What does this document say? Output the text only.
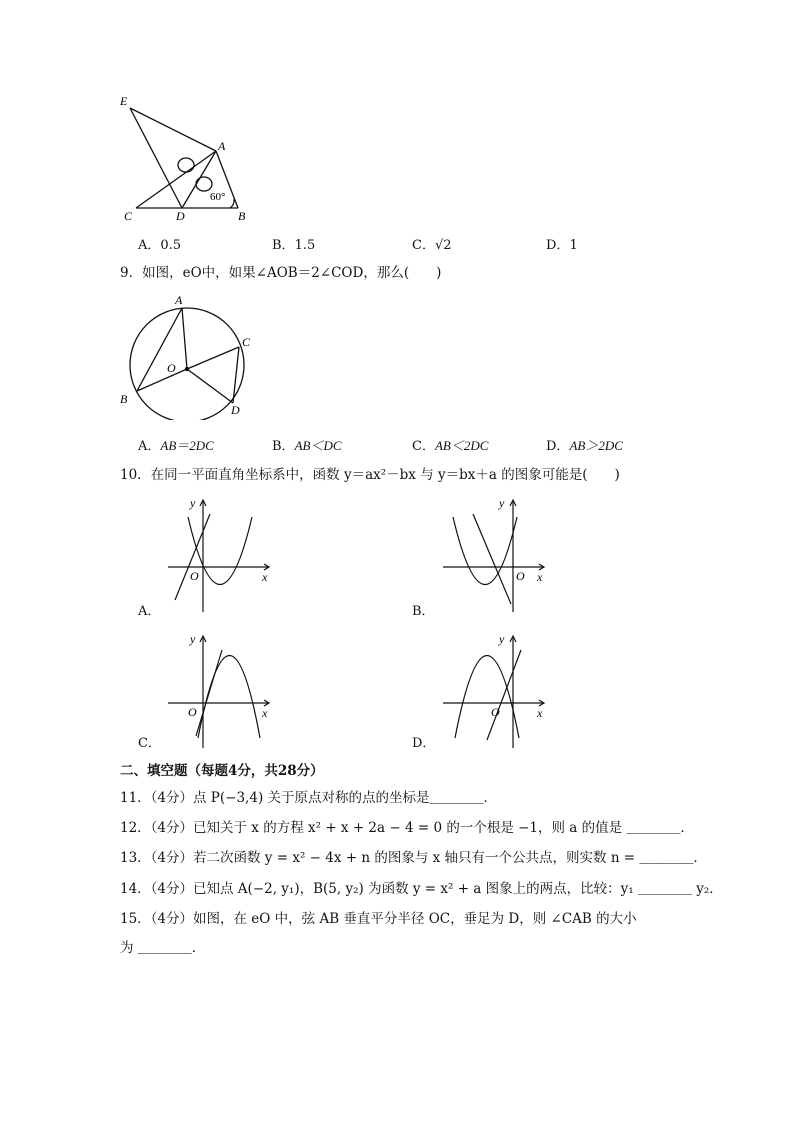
E
A
C	D	B
60°
A．0.5	B．1.5	C．√2	D．1
9．如图，eO中，如果∠AOB＝2∠COD，那么(　　)
A
B
C
D
O
A．AB＝2DC	B．AB＜DC	C．AB＜2DC	D．AB＞2DC
10．在同一平面直角坐标系中，函数 y＝ax²－bx 与 y＝bx＋a 的图象可能是(　　)
y
x
O
A．
y
x
O
B．
y
x
O
C．
y
x
O
D．
二、填空题（每题4分，共28分）
11．（4分）点 P(−3,4) 关于原点对称的点的坐标是＿＿＿＿．
12．（4分）已知关于 x 的方程 x² + x + 2a − 4 = 0 的一个根是 −1，则 a 的值是 ＿＿＿＿．
13．（4分）若二次函数 y = x² − 4x + n 的图象与 x 轴只有一个公共点，则实数 n = ＿＿＿＿．
14．（4分）已知点 A(−2, y₁)，B(5, y₂) 为函数 y = x² + a 图象上的两点，比较：y₁ ＿＿＿＿ y₂．
15．（4分）如图，在 eO 中，弦 AB 垂直平分半径 OC，垂足为 D，则 ∠CAB 的大小
为 ＿＿＿＿．
